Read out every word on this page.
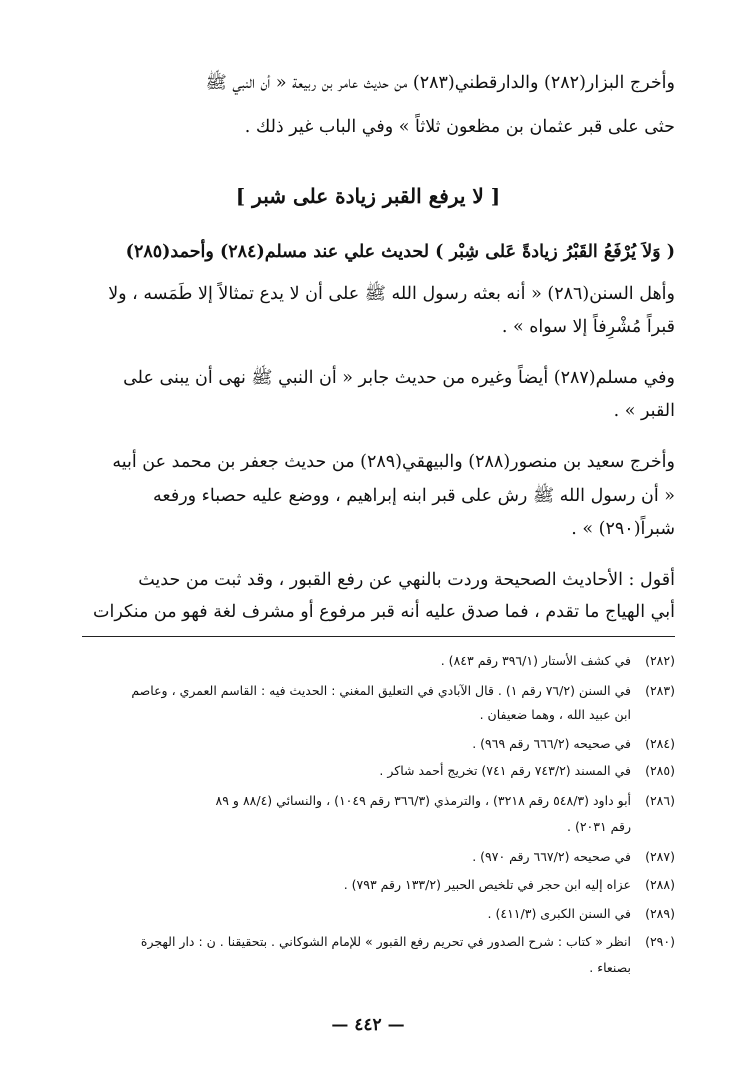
وأخرج البزار(٢٨٢) والدارقطني(٢٨٣) من حديث عامر بن ربيعة « أن النبي ﷺ
حثى على قبر عثمان بن مظعون ثلاثاً » وفي الباب غير ذلك .
[ لا يرفع القبر زيادة على شبر ]
( وَلاَ يُرْفَعُ القَبْرُ زيادةً عَلى شِبْر ) لحديث علي عند مسلم(٢٨٤) وأحمد(٢٨٥)
وأهل السنن(٢٨٦) « أنه بعثه رسول الله ﷺ على أن لا يدع تمثالاً إلا طَمَسه ، ولا
قبراً مُشْرِفاً إلا سواه » .
وفي مسلم(٢٨٧) أيضاً وغيره من حديث جابر « أن النبي ﷺ نهى أن يبنى على
القبر » .
وأخرج سعيد بن منصور(٢٨٨) والبيهقي(٢٨٩) من حديث جعفر بن محمد عن أبيه
« أن رسول الله ﷺ رش على قبر ابنه إبراهيم ، ووضع عليه حصباء ورفعه
شبراً(٢٩٠) » .
أقول : الأحاديث الصحيحة وردت بالنهي عن رفع القبور ، وقد ثبت من حديث
أبي الهياج ما تقدم ، فما صدق عليه أنه قبر مرفوع أو مشرف لغة فهو من منكرات
(٢٨٢) في كشف الأستار (٣٩٦/١ رقم ٨٤٣) .
(٢٨٣) في السنن (٧٦/٢ رقم ١) . قال الآبادي في التعليق المغني : الحديث فيه : القاسم العمري ، وعاصم
ابن عبيد الله ، وهما ضعيفان .
(٢٨٤) في صحيحه (٦٦٦/٢ رقم ٩٦٩) .
(٢٨٥) في المسند (٧٤٣/٢ رقم ٧٤١) تخريج أحمد شاكر .
(٢٨٦) أبو داود (٥٤٨/٣ رقم ٣٢١٨) ، والترمذي (٣٦٦/٣ رقم ١٠٤٩) ، والنسائي (٨٨/٤ و ٨٩
رقم ٢٠٣١) .
(٢٨٧) في صحيحه (٦٦٧/٢ رقم ٩٧٠) .
(٢٨٨) عزاه إليه ابن حجر في تلخيص الحبير (١٣٣/٢ رقم ٧٩٣) .
(٢٨٩) في السنن الكبرى (٤١١/٣) .
(٢٩٠) انظر « كتاب : شرح الصدور في تحريم رفع القبور » للإمام الشوكاني . بتحقيقنا . ن : دار الهجرة
بصنعاء .
— ٤٤٢ —
